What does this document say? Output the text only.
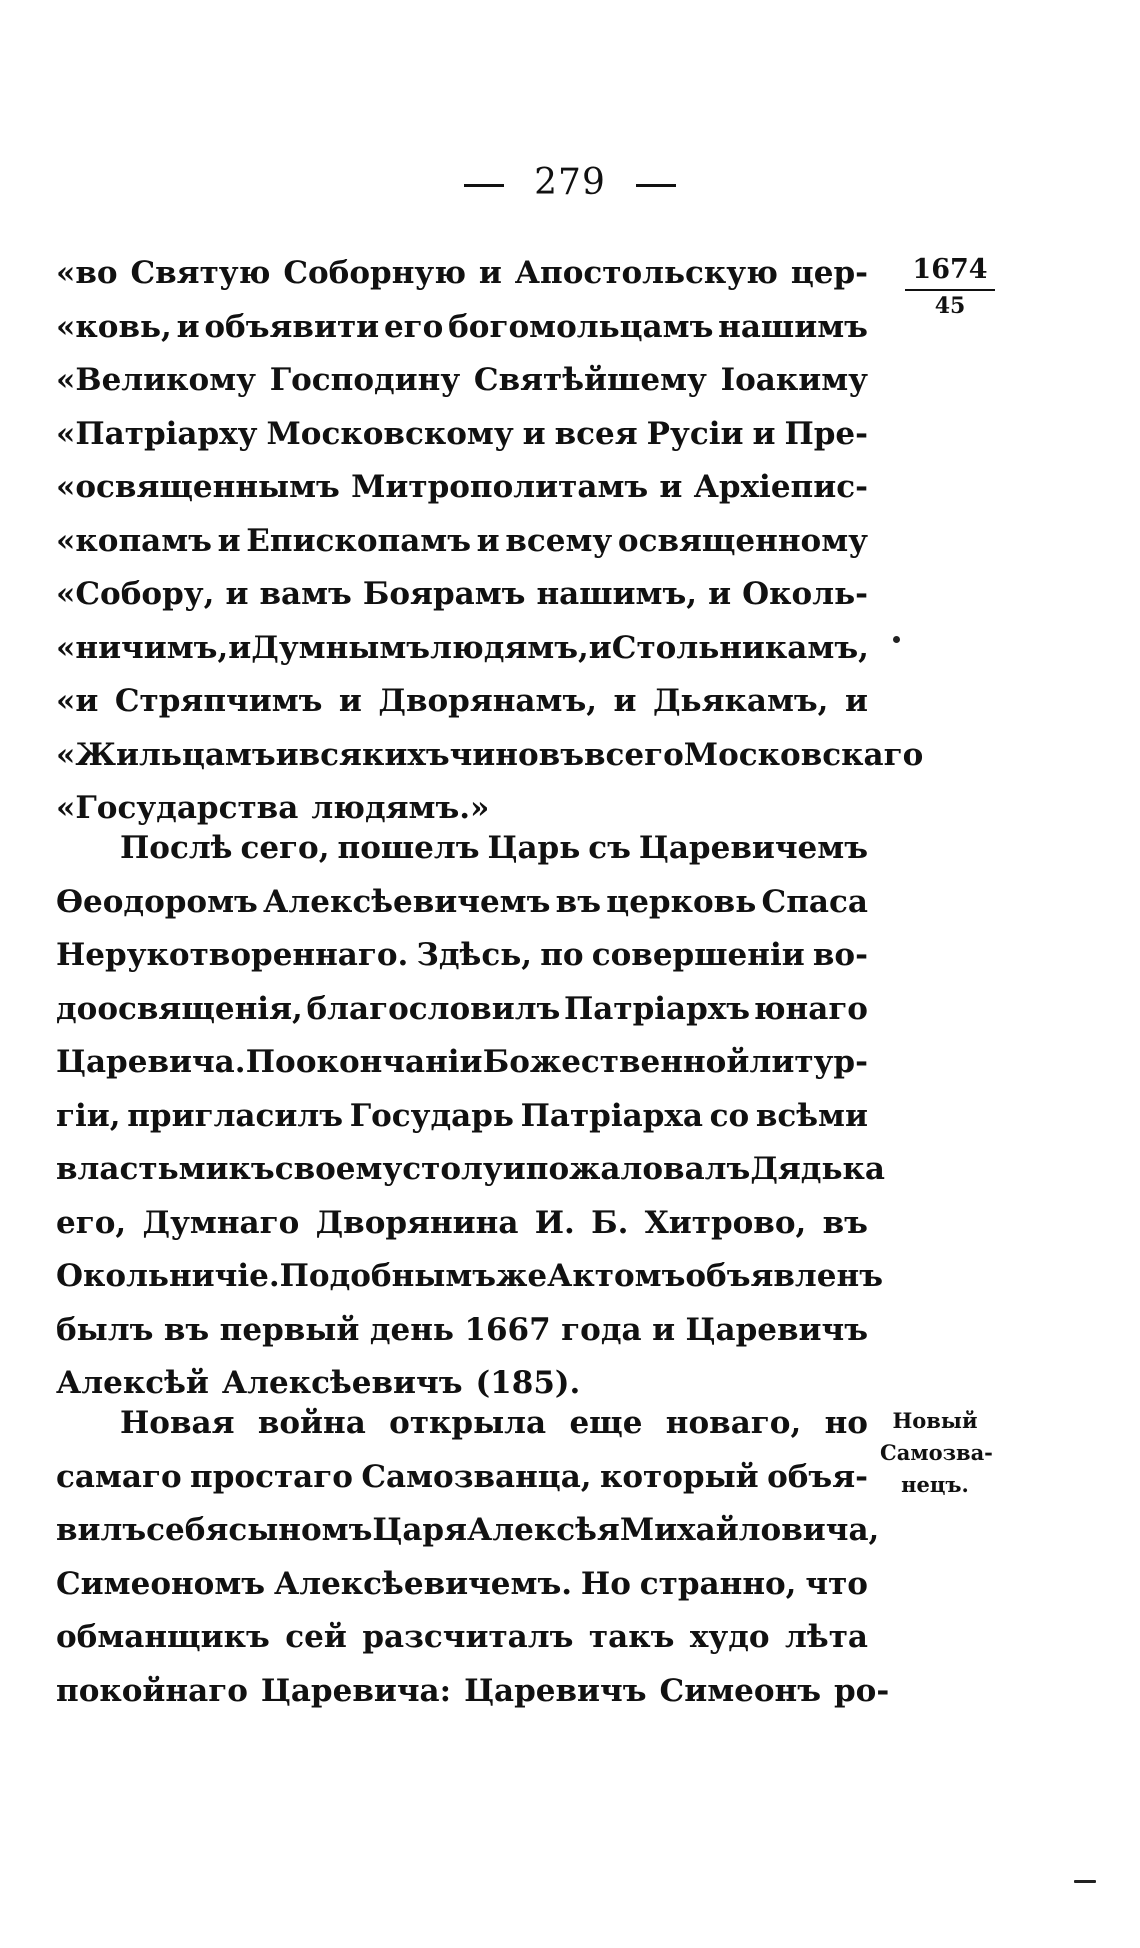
279
«во Святую Соборную и Апостольскую цер-
«ковь, и объявити его богомольцамъ нашимъ
«Великому Господину Святѣйшему Іоакиму
«Патріарху Московскому и всея Русіи и Пре-
«освященнымъ Митрополитамъ и Архіепис-
«копамъ и Епископамъ и всему освященному
«Собору, и вамъ Боярамъ нашимъ, и Околь-
«ничимъ, и Думнымъ людямъ, и Стольникамъ,
«и Стряпчимъ и Дворянамъ, и Дьякамъ, и
«Жильцамъ и всякихъ чиновъ всего Московскаго
«Государства людямъ.»
Послѣ сего, пошелъ Царь съ Царевичемъ
Ѳеодоромъ Алексѣевичемъ въ церковь Спаса
Нерукотвореннаго. Здѣсь, по совершеніи во-
доосвященія, благословилъ Патріархъ юнаго
Царевича. По окончаніи Божественной литур-
гіи, пригласилъ Государь Патріарха со всѣми
властьми къ своему столу и пожаловалъ Дядька
его, Думнаго Дворянина И. Б. Хитрово, въ
Окольничіе. Подобнымъ же Актомъ объявленъ
былъ въ первый день 1667 года и Царевичъ
Алексѣй Алексѣевичъ (185).
Новая война открыла еще новаго, но
самаго простаго Самозванца, который объя-
вилъ себя сыномъ Царя Алексѣя Михайловича,
Симеономъ Алексѣевичемъ. Но странно, что
обманщикъ сей разсчиталъ такъ худо лѣта
покойнаго Царевича: Царевичъ Симеонъ ро-
1674
45
Новый
Самозва-
нецъ.
